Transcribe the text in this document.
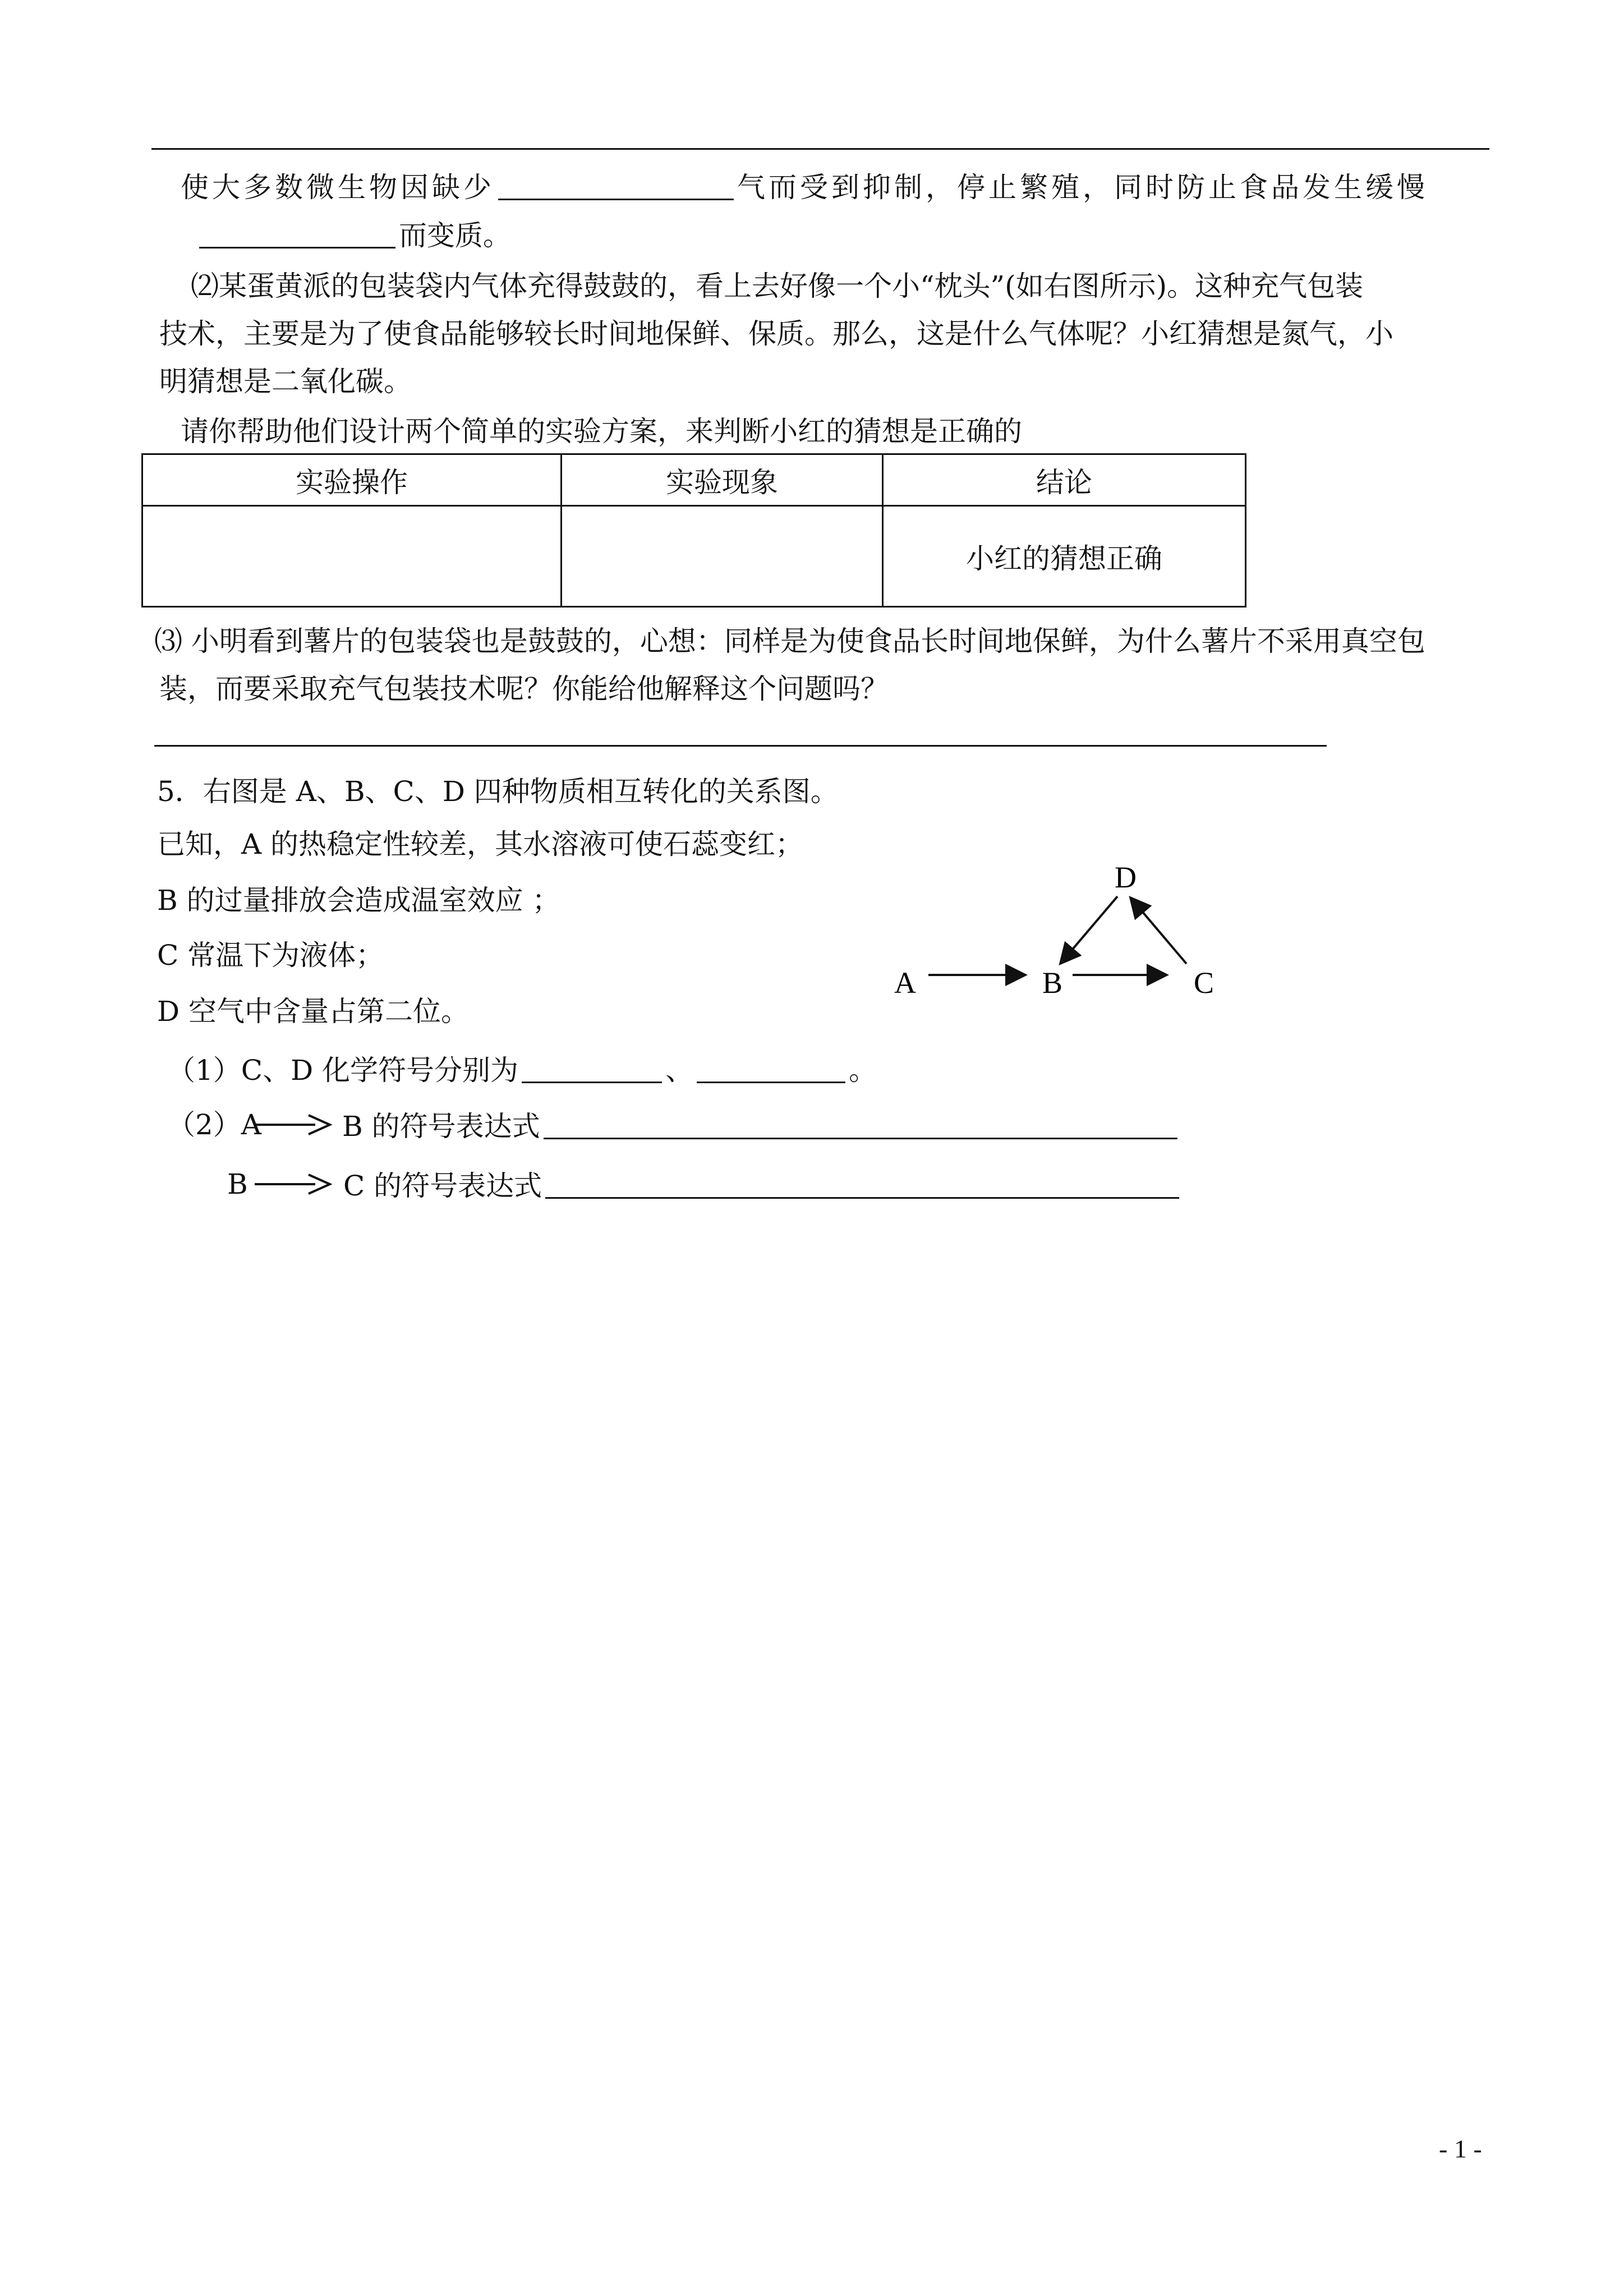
使大多数微生物因缺少	气而受到抑制，停止繁殖，同时防止食品发生缓慢
而变质。
⑵某蛋黄派的包装袋内气体充得鼓鼓的，看上去好像一个小“枕头”(如右图所示)。这种充气包装
技术，主要是为了使食品能够较长时间地保鲜、保质。那么，这是什么气体呢？小红猜想是氮气，小
明猜想是二氧化碳。
请你帮助他们设计两个简单的实验方案，来判断小红的猜想是正确的
实验操作	实验现象	结论
		小红的猜想正确
⑶ 小明看到薯片的包装袋也是鼓鼓的，心想：同样是为使食品长时间地保鲜，为什么薯片不采用真空包
装，而要采取充气包装技术呢？你能给他解释这个问题吗？
5．右图是 A、B、C、D 四种物质相互转化的关系图。
已知，A 的热稳定性较差，其水溶液可使石蕊变红；
B 的过量排放会造成温室效应 ；
C 常温下为液体；
D 空气中含量占第二位。
A	B	C
D
（1）C、D 化学符号分别为	、	。
（2）A	B 的符号表达式
B	C 的符号表达式
- 1 -
